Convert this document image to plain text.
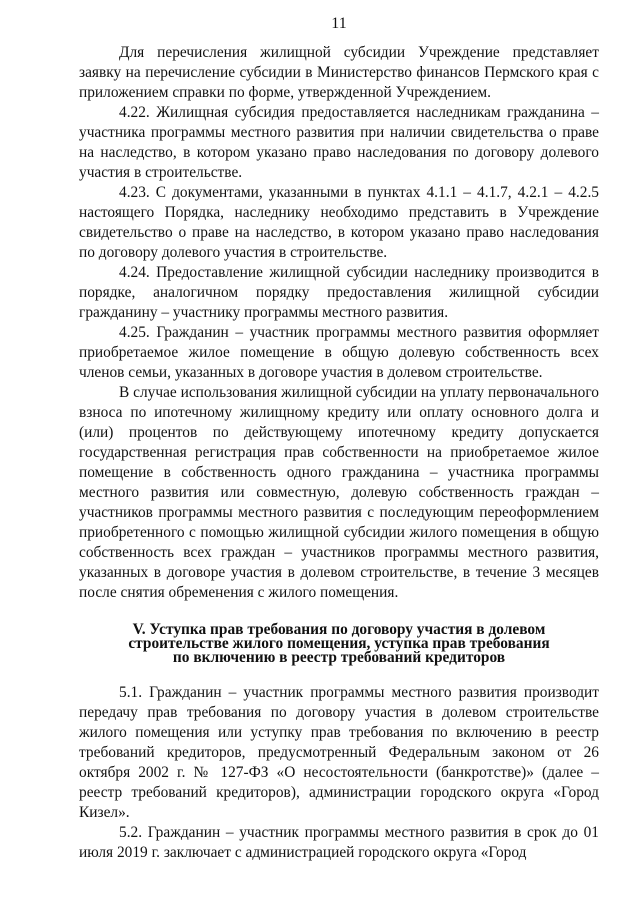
11

Для перечисления жилищной субсидии Учреждение представляет заявку на перечисление субсидии в Министерство финансов Пермского края с приложением справки по форме, утвержденной Учреждением.

4.22. Жилищная субсидия предоставляется наследникам гражданина – участника программы местного развития при наличии свидетельства о праве на наследство, в котором указано право наследования по договору долевого участия в строительстве.

4.23. С документами, указанными в пунктах 4.1.1 – 4.1.7, 4.2.1 – 4.2.5 настоящего Порядка, наследнику необходимо представить в Учреждение свидетельство о праве на наследство, в котором указано право наследования по договору долевого участия в строительстве.

4.24. Предоставление жилищной субсидии наследнику производится в порядке, аналогичном порядку предоставления жилищной субсидии гражданину – участнику программы местного развития.

4.25. Гражданин – участник программы местного развития оформляет приобретаемое жилое помещение в общую долевую собственность всех членов семьи, указанных в договоре участия в долевом строительстве.

В случае использования жилищной субсидии на уплату первоначального взноса по ипотечному жилищному кредиту или оплату основного долга и (или) процентов по действующему ипотечному кредиту допускается государственная регистрация прав собственности на приобретаемое жилое помещение в собственность одного гражданина – участника программы местного развития или совместную, долевую собственность граждан – участников программы местного развития с последующим переоформлением приобретенного с помощью жилищной субсидии жилого помещения в общую собственность всех граждан – участников программы местного развития, указанных в договоре участия в долевом строительстве, в течение 3 месяцев после снятия обременения с жилого помещения.

V. Уступка прав требования по договору участия в долевом
строительстве жилого помещения, уступка прав требования
по включению в реестр требований кредиторов

5.1. Гражданин – участник программы местного развития производит передачу прав требования по договору участия в долевом строительстве жилого помещения или уступку прав требования по включению в реестр требований кредиторов, предусмотренный Федеральным законом от 26 октября 2002 г. № 127-ФЗ «О несостоятельности (банкротстве)» (далее – реестр требований кредиторов), администрации городского округа «Город Кизел».

5.2. Гражданин – участник программы местного развития в срок до 01 июля 2019 г. заключает с администрацией городского округа «Город
